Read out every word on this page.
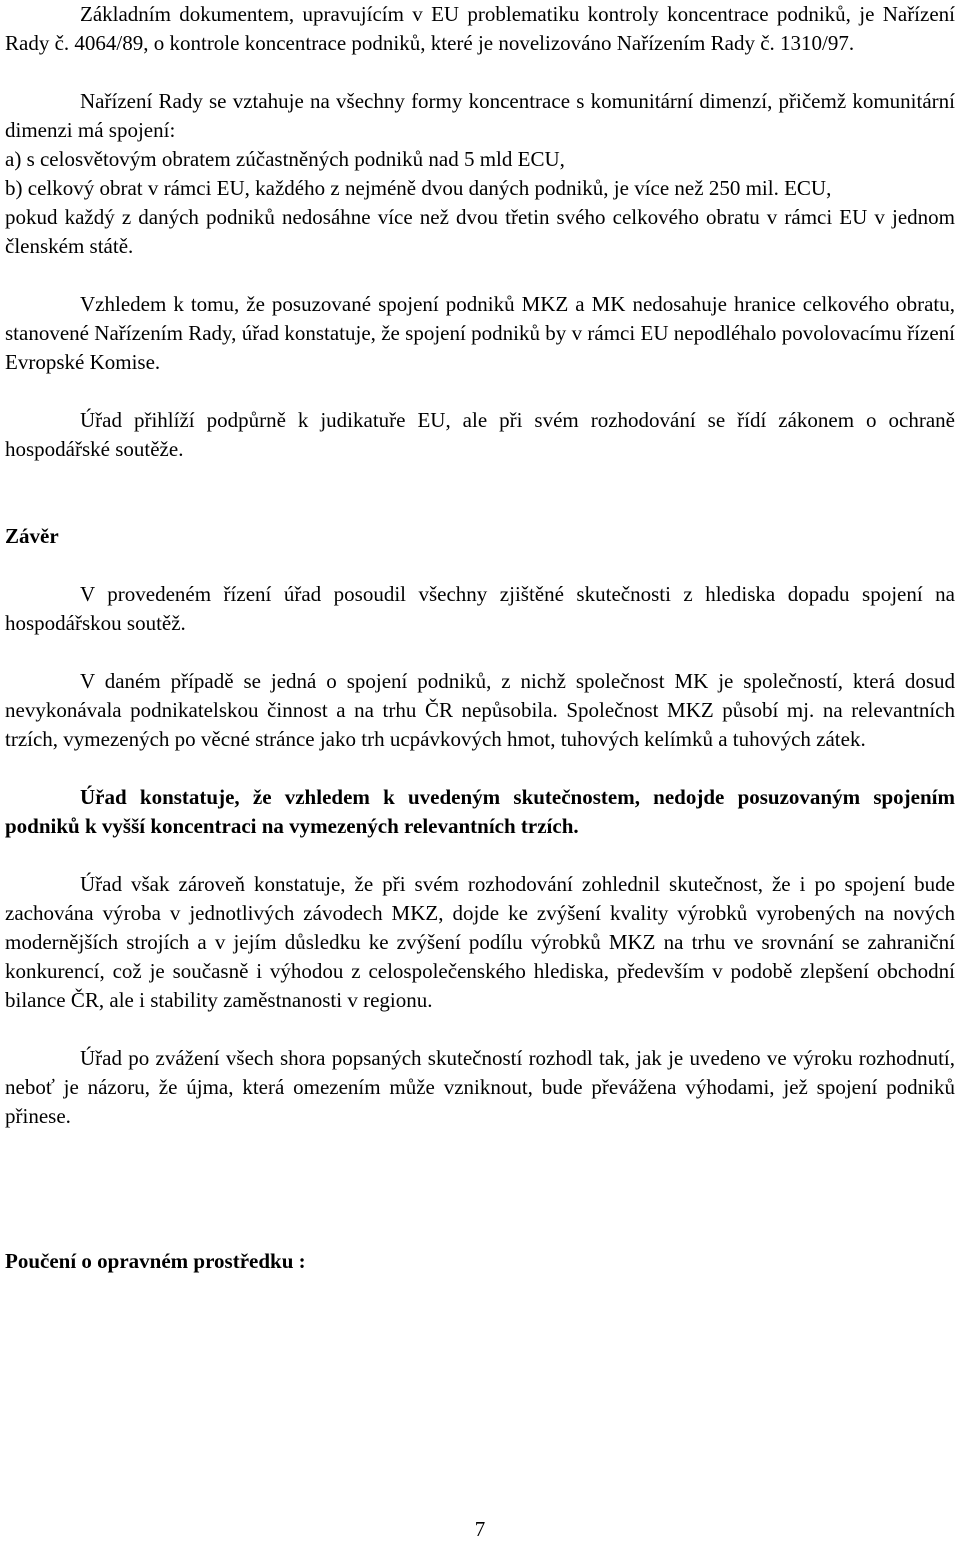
Základním dokumentem, upravujícím v EU problematiku kontroly koncentrace podniků, je Nařízení Rady č. 4064/89, o kontrole koncentrace podniků, které je novelizováno Nařízením Rady č. 1310/97.

Nařízení Rady se vztahuje na všechny formy koncentrace s komunitární dimenzí, přičemž komunitární dimenzi má spojení:

a) s celosvětovým obratem zúčastněných podniků nad 5 mld ECU,

b) celkový obrat v rámci EU, každého z nejméně dvou daných podniků, je více než 250 mil. ECU,

pokud každý z daných podniků nedosáhne více než dvou třetin svého celkového obratu v rámci EU v jednom členském státě.

Vzhledem k tomu, že posuzované spojení podniků MKZ a MK nedosahuje hranice celkového obratu, stanovené Nařízením Rady, úřad konstatuje, že spojení podniků by v rámci EU nepodléhalo povolovacímu řízení Evropské Komise.

Úřad přihlíží podpůrně k judikatuře EU, ale při svém rozhodování se řídí zákonem o ochraně hospodářské soutěže.

Závěr

V provedeném řízení úřad posoudil všechny zjištěné skutečnosti z hlediska dopadu spojení na hospodářskou soutěž.

V daném případě se jedná o spojení podniků, z nichž společnost MK je společností, která dosud nevykonávala podnikatelskou činnost a na trhu ČR nepůsobila. Společnost MKZ působí mj. na relevantních trzích, vymezených po věcné stránce jako trh ucpávkových hmot, tuhových kelímků a tuhových zátek.

Úřad konstatuje, že vzhledem k uvedeným skutečnostem, nedojde posuzovaným spojením podniků k vyšší koncentraci na vymezených relevantních trzích.

Úřad však zároveň konstatuje, že při svém rozhodování zohlednil skutečnost, že i po spojení bude zachována výroba v jednotlivých závodech MKZ, dojde ke zvýšení kvality výrobků vyrobených na nových modernějších strojích a v jejím důsledku ke zvýšení podílu výrobků MKZ na trhu ve srovnání se zahraniční konkurencí, což je současně i výhodou z celospolečenského hlediska, především v podobě zlepšení obchodní bilance ČR, ale i stability zaměstnanosti v regionu.

Úřad po zvážení všech shora popsaných skutečností rozhodl tak, jak je uvedeno ve výroku rozhodnutí, neboť je názoru, že újma, která omezením může vzniknout, bude převážena výhodami, jež spojení podniků přinese.

Poučení o opravném prostředku :

7
